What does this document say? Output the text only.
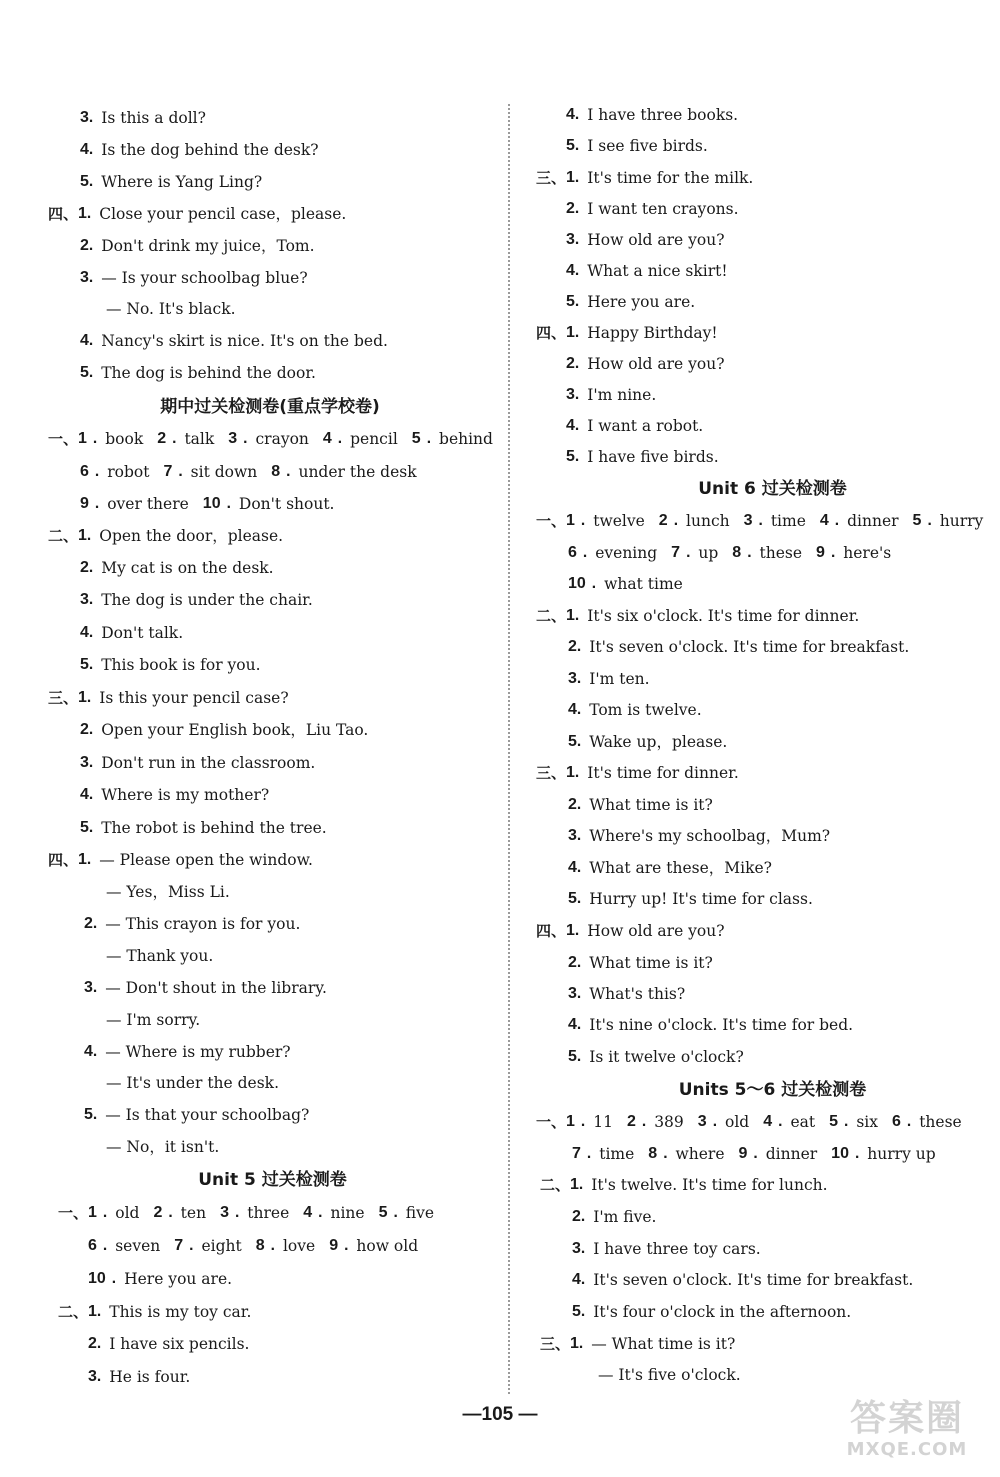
3 . Is this a doll?
4 . Is the dog behind the desk?
5 . Where is Yang Ling?
四、 1 . Close your pencil case，please.
2 . Don't drink my juice，Tom.
3 . — Is your schoolbag blue?
— No. It's black.
4 . Nancy's skirt is nice. It's on the bed.
5 . The dog is behind the door.
期中过关检测卷(重点学校卷)
一、 1 . book 2 . talk 3 . crayon 4 . pencil 5 . behind
6 . robot 7 . sit down 8 . under the desk
9 . over there 10 . Don't shout.
二、 1 . Open the door，please.
2 . My cat is on the desk.
3 . The dog is under the chair.
4 . Don't talk.
5 . This book is for you.
三、 1 . Is this your pencil case?
2 . Open your English book，Liu Tao.
3 . Don't run in the classroom.
4 . Where is my mother?
5 . The robot is behind the tree.
四、 1 . — Please open the window.
— Yes，Miss Li.
2 . — This crayon is for you.
— Thank you.
3 . — Don't shout in the library.
— I'm sorry.
4 . — Where is my rubber?
— It's under the desk.
5 . — Is that your schoolbag?
— No，it isn't.
Unit 5 过关检测卷
一、 1 . old 2 . ten 3 . three 4 . nine 5 . five
6 . seven 7 . eight 8 . love 9 . how old
10 . Here you are.
二、 1 . This is my toy car.
2 . I have six pencils.
3 . He is four.
4 . I have three books.
5 . I see five birds.
三、 1 . It's time for the milk.
2 . I want ten crayons.
3 . How old are you?
4 . What a nice skirt!
5 . Here you are.
四、 1 . Happy Birthday!
2 . How old are you?
3 . I'm nine.
4 . I want a robot.
5 . I have five birds.
Unit 6 过关检测卷
一、 1 . twelve 2 . lunch 3 . time 4 . dinner 5 . hurry
6 . evening 7 . up 8 . these 9 . here's
10 . what time
二、 1 . It's six o'clock. It's time for dinner.
2 . It's seven o'clock. It's time for breakfast.
3 . I'm ten.
4 . Tom is twelve.
5 . Wake up，please.
三、 1 . It's time for dinner.
2 . What time is it?
3 . Where's my schoolbag，Mum?
4 . What are these，Mike?
5 . Hurry up! It's time for class.
四、 1 . How old are you?
2 . What time is it?
3 . What's this?
4 . It's nine o'clock. It's time for bed.
5 . Is it twelve o'clock?
Units 5～6 过关检测卷
一、 1 . 11 2 . 389 3 . old 4 . eat 5 . six 6 . these
7 . time 8 . where 9 . dinner 10 . hurry up
二、 1 . It's twelve. It's time for lunch.
2 . I'm five.
3 . I have three toy cars.
4 . It's seven o'clock. It's time for breakfast.
5 . It's four o'clock in the afternoon.
三、 1 . — What time is it?
— It's five o'clock.
—105 —	答案圈
MXQE.COM
